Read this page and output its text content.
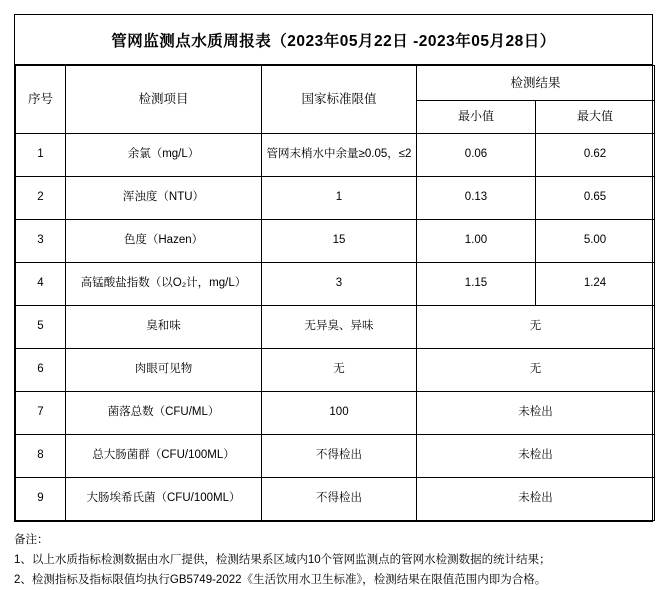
管网监测点水质周报表（2023年05月22日 -2023年05月28日）
序号	检测项目	国家标准限值	检测结果	
			最小值	最大值
1	余氯（mg/L）	管网末梢水中余量≥0.05，≤2	0.06	0.62
2	浑浊度（NTU）	1	0.13	0.65
3	色度（Hazen）	15	1.00	5.00
4	高锰酸盐指数（以O₂计，mg/L）	3	1.15	1.24
5	臭和味	无异臭、异味	无	
6	肉眼可见物	无	无	
7	菌落总数（CFU/ML）	100	未检出	
8	总大肠菌群（CFU/100ML）	不得检出	未检出	
9	大肠埃希氏菌（CFU/100ML）	不得检出	未检出	
备注：
1、以上水质指标检测数据由水厂提供，检测结果系区域内10个管网监测点的管网水检测数据的统计结果；
2、检测指标及指标限值均执行GB5749-2022《生活饮用水卫生标准》，检测结果在限值范围内即为合格。
